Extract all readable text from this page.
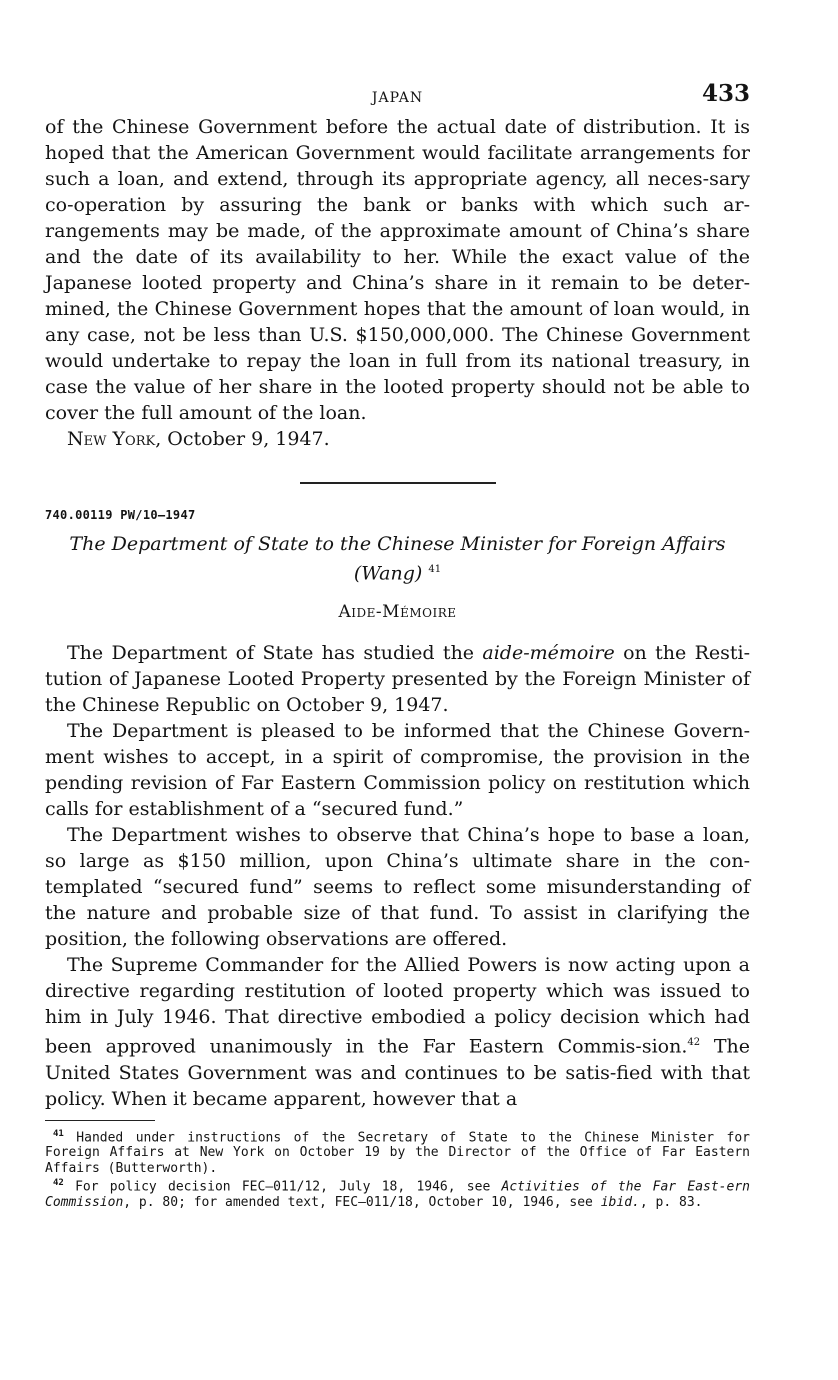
JAPAN	433

of the Chinese Government before the actual date of distribution. It is hoped that the American Government would facilitate arrangements for such a loan, and extend, through its appropriate agency, all neces-sary co-operation by assuring the bank or banks with which such ar-rangements may be made, of the approximate amount of China’s share and the date of its availability to her. While the exact value of the Japanese looted property and China’s share in it remain to be deter-mined, the Chinese Government hopes that the amount of loan would, in any case, not be less than U.S. $150,000,000. The Chinese Government would undertake to repay the loan in full from its national treasury, in case the value of her share in the looted property should not be able to cover the full amount of the loan.

New York, October 9, 1947.

740.00119 PW/10–1947

The Department of State to the Chinese Minister for Foreign Affairs (Wang) $^{41}$

Aide-Mémoire

The Department of State has studied the aide-mémoire on the Resti-tution of Japanese Looted Property presented by the Foreign Minister of the Chinese Republic on October 9, 1947.

The Department is pleased to be informed that the Chinese Govern-ment wishes to accept, in a spirit of compromise, the provision in the pending revision of Far Eastern Commission policy on restitution which calls for establishment of a “secured fund.”

The Department wishes to observe that China’s hope to base a loan, so large as $150 million, upon China’s ultimate share in the con-templated “secured fund” seems to reflect some misunderstanding of the nature and probable size of that fund. To assist in clarifying the position, the following observations are offered.

The Supreme Commander for the Allied Powers is now acting upon a directive regarding restitution of looted property which was issued to him in July 1946. That directive embodied a policy decision which had been approved unanimously in the Far Eastern Commis-sion.$^{42}$ The United States Government was and continues to be satis-fied with that policy. When it became apparent, however that a

$^{41}$ Handed under instructions of the Secretary of State to the Chinese Minister for Foreign Affairs at New York on October 19 by the Director of the Office of Far Eastern Affairs (Butterworth).

$^{42}$ For policy decision FEC–011/12, July 18, 1946, see Activities of the Far East-ern Commission, p. 80; for amended text, FEC–011/18, October 10, 1946, see ibid., p. 83.
